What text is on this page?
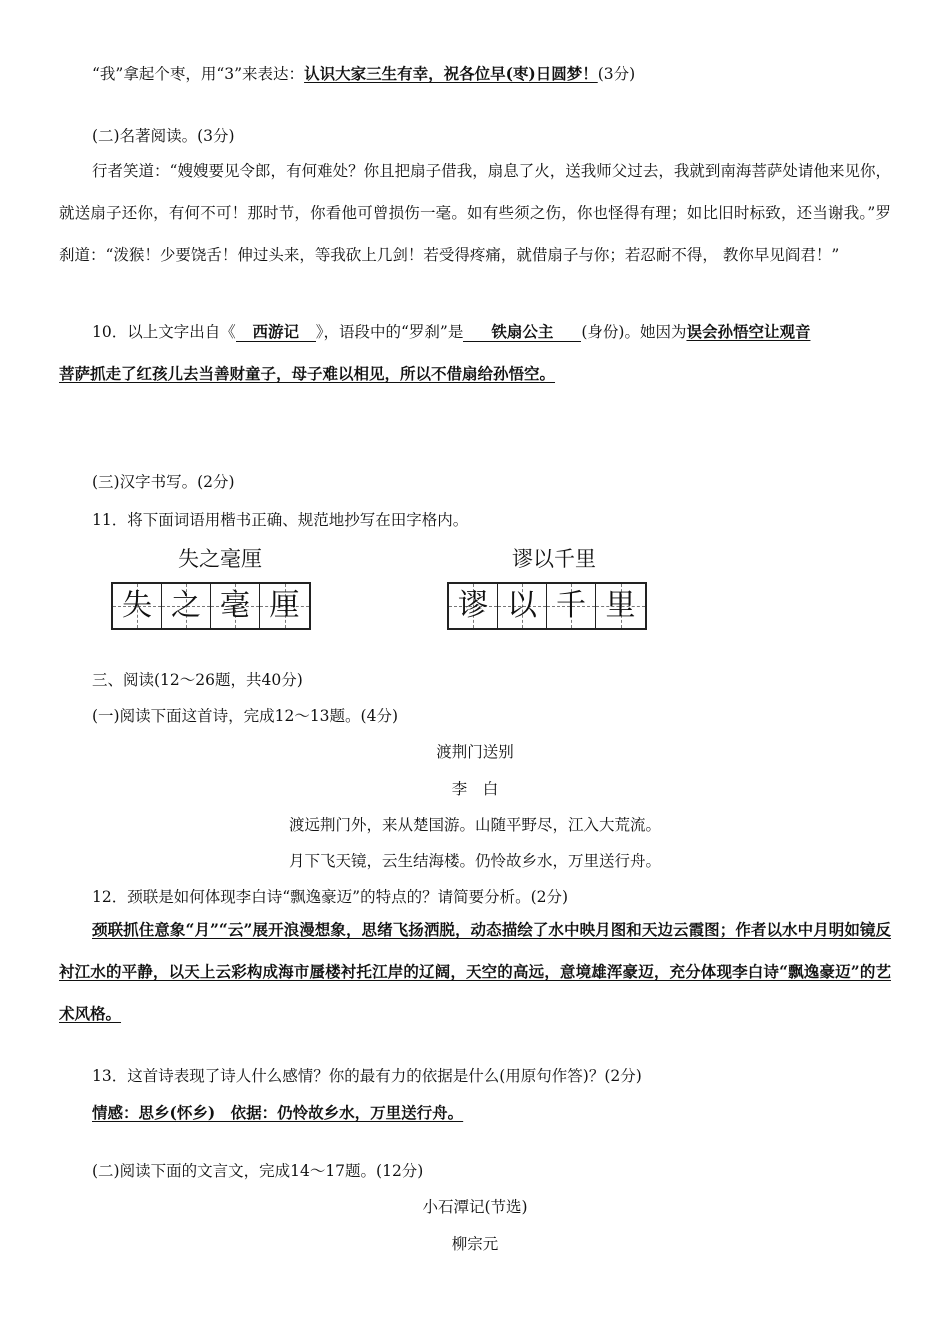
“我”拿起个枣，用“3”来表达：认识大家三生有幸，祝各位早(枣)日圆梦！(3分)
(二)名著阅读。(3分)
行者笑道：“嫂嫂要见令郎，有何难处？你且把扇子借我，扇息了火，送我师父过去，我就到南海菩萨处请他来见你，就送扇子还你，有何不可！那时节，你看他可曾损伤一毫。如有些须之伤，你也怪得有理；如比旧时标致，还当谢我。”罗刹道：“泼猴！少要饶舌！伸过头来，等我砍上几剑！若受得疼痛，就借扇子与你；若忍耐不得， 教你早见阎君！”
10．以上文字出自《 西游记 》，语段中的“罗刹”是 铁扇公主 (身份)。她因为误会孙悟空让观音
菩萨抓走了红孩儿去当善财童子，母子难以相见，所以不借扇给孙悟空。
(三)汉字书写。(2分)
11．将下面词语用楷书正确、规范地抄写在田字格内。
失之毫厘
失 之 毫 厘
谬以千里
谬 以 千 里
三、阅读(12～26题，共40分)
(一)阅读下面这首诗，完成12～13题。(4分)
渡荆门送别
李　白
渡远荆门外，来从楚国游。山随平野尽，江入大荒流。
月下飞天镜，云生结海楼。仍怜故乡水，万里送行舟。
12．颈联是如何体现李白诗“飘逸豪迈”的特点的？请简要分析。(2分)
颈联抓住意象“月”“云”展开浪漫想象，思绪飞扬洒脱，动态描绘了水中映月图和天边云霞图；作者以水中月明如镜反衬江水的平静，以天上云彩构成海市蜃楼衬托江岸的辽阔，天空的高远，意境雄浑豪迈，充分体现李白诗“飘逸豪迈”的艺术风格。
13．这首诗表现了诗人什么感情？你的最有力的依据是什么(用原句作答)？(2分)
情感：思乡(怀乡)　依据：仍怜故乡水，万里送行舟。
(二)阅读下面的文言文，完成14～17题。(12分)
小石潭记(节选)
柳宗元
